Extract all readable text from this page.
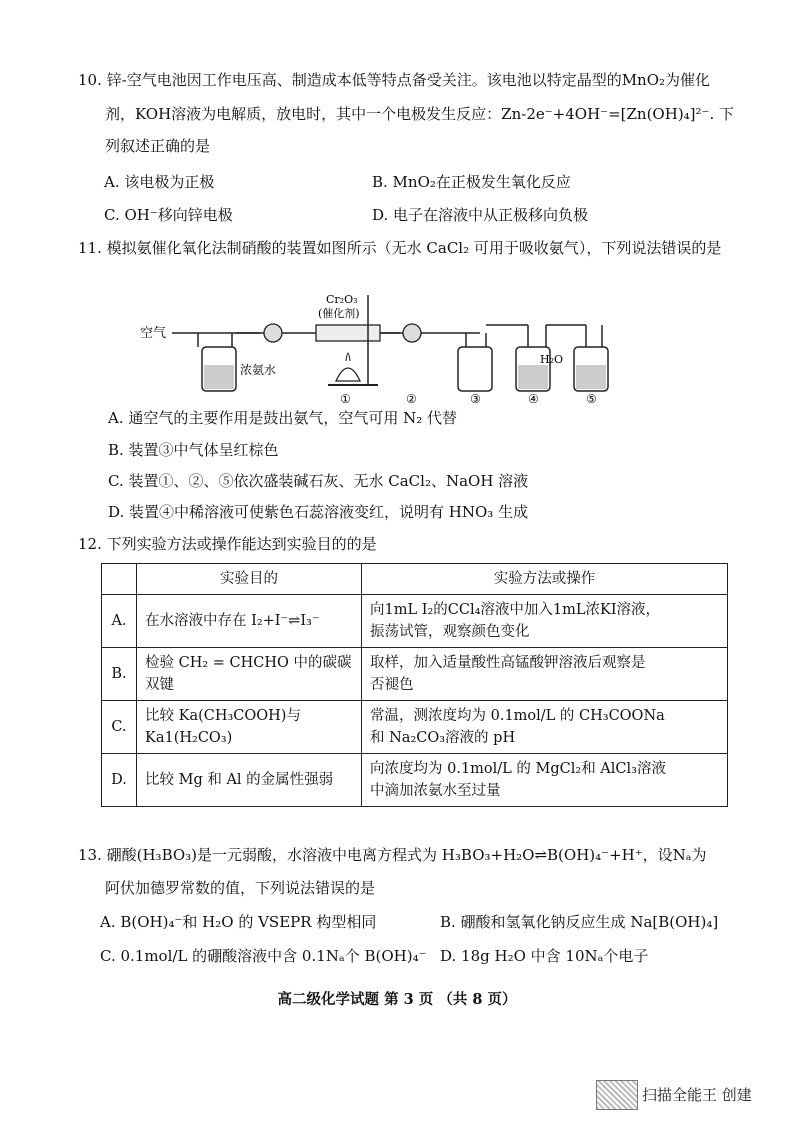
10. 锌-空气电池因工作电压高、制造成本低等特点备受关注。该电池以特定晶型的MnO₂为催化
剂，KOH溶液为电解质，放电时，其中一个电极发生反应：Zn-2e⁻+4OH⁻=[Zn(OH)₄]²⁻. 下
列叙述正确的是
A. 该电极为正极	B. MnO₂在正极发生氧化反应
C. OH⁻移向锌电极	D. 电子在溶液中从正极移向负极
11. 模拟氨催化氧化法制硝酸的装置如图所示（无水 CaCl₂ 可用于吸收氨气），下列说法错误的是
空气
浓氨水
Cr₂O₃
(催化剂)
①	②
H₂O
③	④	⑤
A. 通空气的主要作用是鼓出氨气，空气可用 N₂ 代替
B. 装置③中气体呈红棕色
C. 装置①、②、⑤依次盛装碱石灰、无水 CaCl₂、NaOH 溶液
D. 装置④中稀溶液可使紫色石蕊溶液变红，说明有 HNO₃ 生成
12. 下列实验方法或操作能达到实验目的的是
	实验目的	实验方法或操作
A.	在水溶液中存在 I₂+I⁻⇌I₃⁻	向1mL I₂的CCl₄溶液中加入1mL浓KI溶液，
振荡试管，观察颜色变化
B.	检验 CH₂ = CHCHO 中的碳碳双键	取样，加入适量酸性高锰酸钾溶液后观察是
否褪色
C.	比较 Ka(CH₃COOH)与 Ka1(H₂CO₃)	常温，测浓度均为 0.1mol/L 的 CH₃COONa
和 Na₂CO₃溶液的 pH
D.	比较 Mg 和 Al 的金属性强弱	向浓度均为 0.1mol/L 的 MgCl₂和 AlCl₃溶液
中滴加浓氨水至过量
13. 硼酸(H₃BO₃)是一元弱酸，水溶液中电离方程式为 H₃BO₃+H₂O⇌B(OH)₄⁻+H⁺，设Nₐ为
阿伏加德罗常数的值，下列说法错误的是
A. B(OH)₄⁻和 H₂O 的 VSEPR 构型相同	B. 硼酸和氢氧化钠反应生成 Na[B(OH)₄]
C. 0.1mol/L 的硼酸溶液中含 0.1Nₐ个 B(OH)₄⁻ D. 18g H₂O 中含 10Nₐ个电子
高二级化学试题 第 3 页 （共 8 页）
扫描全能王 创建
